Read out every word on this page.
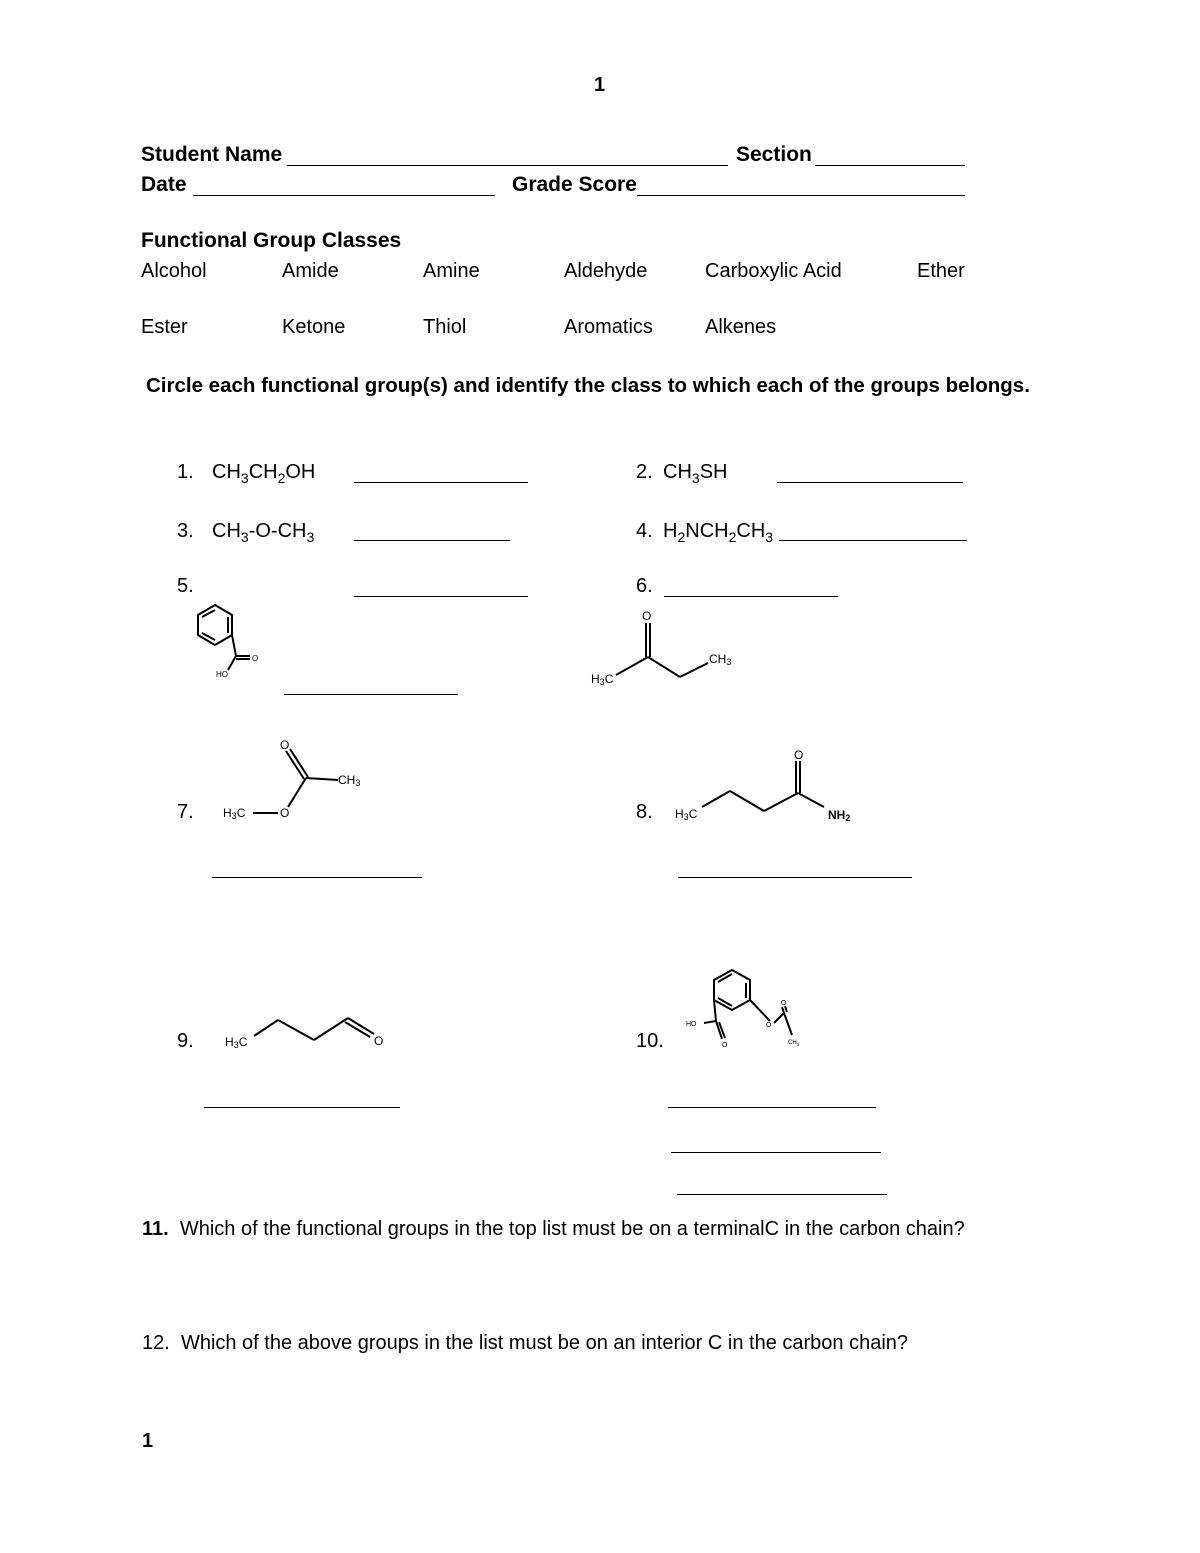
1
1
Student Name	Section
Date	Grade Score
Functional Group Classes
Alcohol	Amide	Amine	Aldehyde	Carboxylic Acid	Ether
Ester	Ketone	Thiol	Aromatics	Alkenes
Circle each functional group(s) and identify the class to which each of the groups belongs.
1. $CH_3CH_2OH$	2. $CH_3SH$
3. $CH_3-O-CH_3$	4. $H_2NCH_2CH_3$
5.
O
HO
6.
O
H3C
CH3
O
CH3
H3C	O
7.
O
H3C	NH2
8.
H3C	O
9.
HO
O
O
O
$CH_3$
10.
11. Which of the functional groups in the top list must be on a terminalC in the carbon chain?
12. Which of the above groups in the list must be on an interior C in the carbon chain?
